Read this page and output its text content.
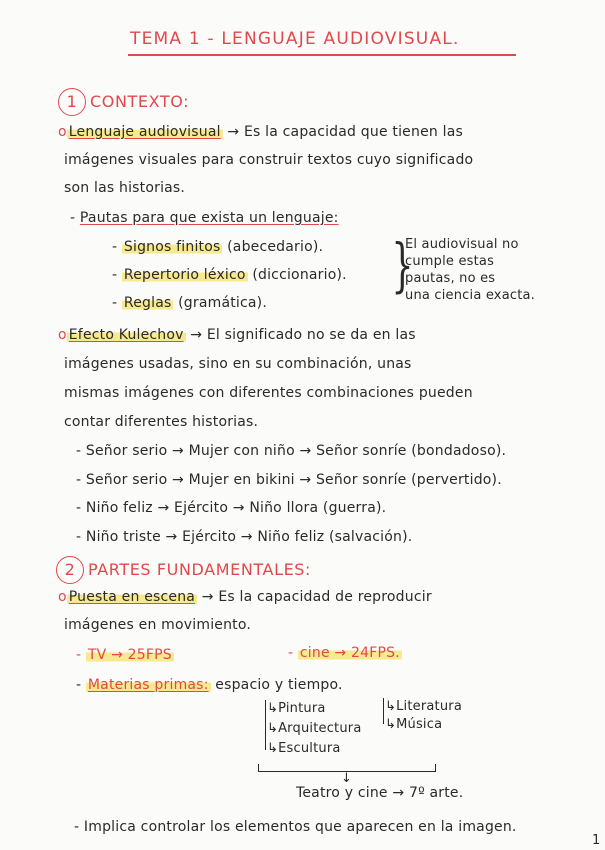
TEMA 1 - LENGUAJE AUDIOVISUAL.
1 CONTEXTO:
o Lenguaje audiovisual → Es la capacidad que tienen las
imágenes visuales para construir textos cuyo significado
son las historias.
- Pautas para que exista un lenguaje:
- Signos finitos (abecedario).
- Repertorio léxico (diccionario).
- Reglas (gramática).
}
El audiovisual no
cumple estas
pautas, no es
una ciencia exacta.
o Efecto Kulechov → El significado no se da en las
imágenes usadas, sino en su combinación, unas
mismas imágenes con diferentes combinaciones pueden
contar diferentes historias.
- Señor serio → Mujer con niño → Señor sonríe (bondadoso).
- Señor serio → Mujer en bikini → Señor sonríe (pervertido).
- Niño feliz → Ejército → Niño llora (guerra).
- Niño triste → Ejército → Niño feliz (salvación).
2 PARTES FUNDAMENTALES:
o Puesta en escena → Es la capacidad de reproducir
imágenes en movimiento.
- TV → 25FPS	- cine → 24FPS.
- Materias primas: espacio y tiempo.
↳Pintura
↳Arquitectura
↳Escultura
↳Literatura
↳Música
↓
Teatro y cine → 7º arte.
- Implica controlar los elementos que aparecen en la imagen.
1
